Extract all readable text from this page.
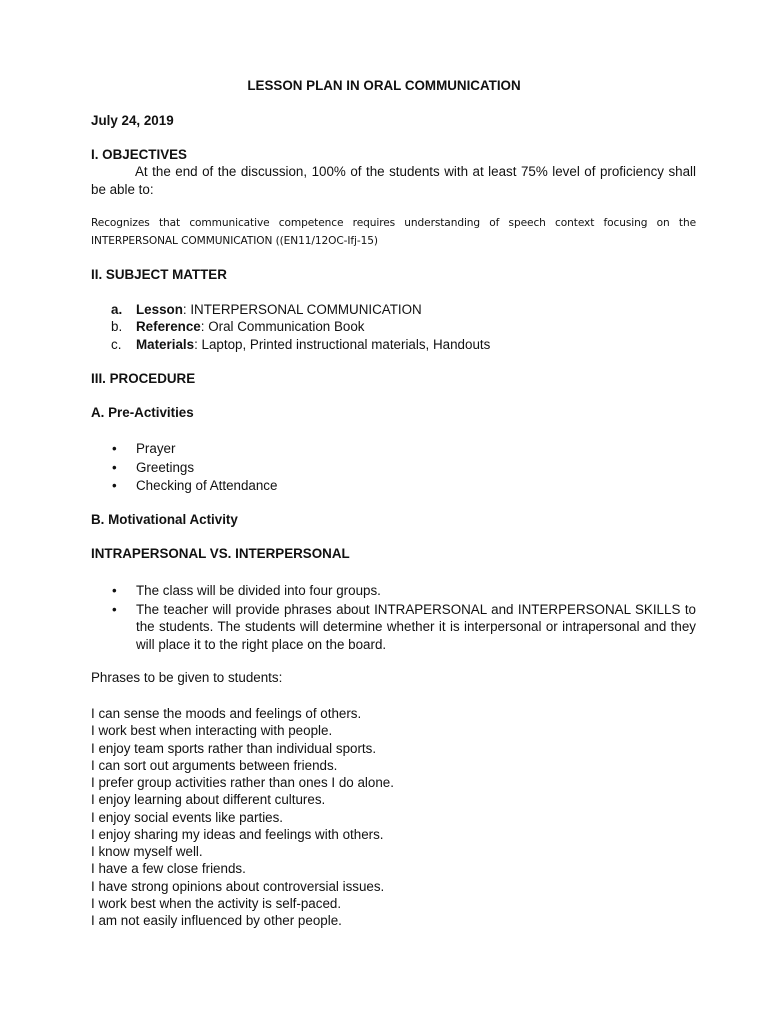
LESSON PLAN IN ORAL COMMUNICATION
July 24, 2019
I. OBJECTIVES
At the end of the discussion, 100% of the students with at least 75% level of proficiency shall be able to:
Recognizes that communicative competence requires understanding of speech context focusing on the INTERPERSONAL COMMUNICATION ((EN11/12OC-Ifj-15)
II. SUBJECT MATTER
a. Lesson: INTERPERSONAL COMMUNICATION
b. Reference: Oral Communication Book
c. Materials: Laptop, Printed instructional materials, Handouts
III. PROCEDURE
A. Pre-Activities
• Prayer
• Greetings
• Checking of Attendance
B. Motivational Activity
INTRAPERSONAL VS. INTERPERSONAL
• The class will be divided into four groups.
• The teacher will provide phrases about INTRAPERSONAL and INTERPERSONAL SKILLS to the students. The students will determine whether it is interpersonal or intrapersonal and they will place it to the right place on the board.
Phrases to be given to students:
I can sense the moods and feelings of others.
I work best when interacting with people.
I enjoy team sports rather than individual sports.
I can sort out arguments between friends.
I prefer group activities rather than ones I do alone.
I enjoy learning about different cultures.
I enjoy social events like parties.
I enjoy sharing my ideas and feelings with others.
I know myself well.
I have a few close friends.
I have strong opinions about controversial issues.
I work best when the activity is self-paced.
I am not easily influenced by other people.
